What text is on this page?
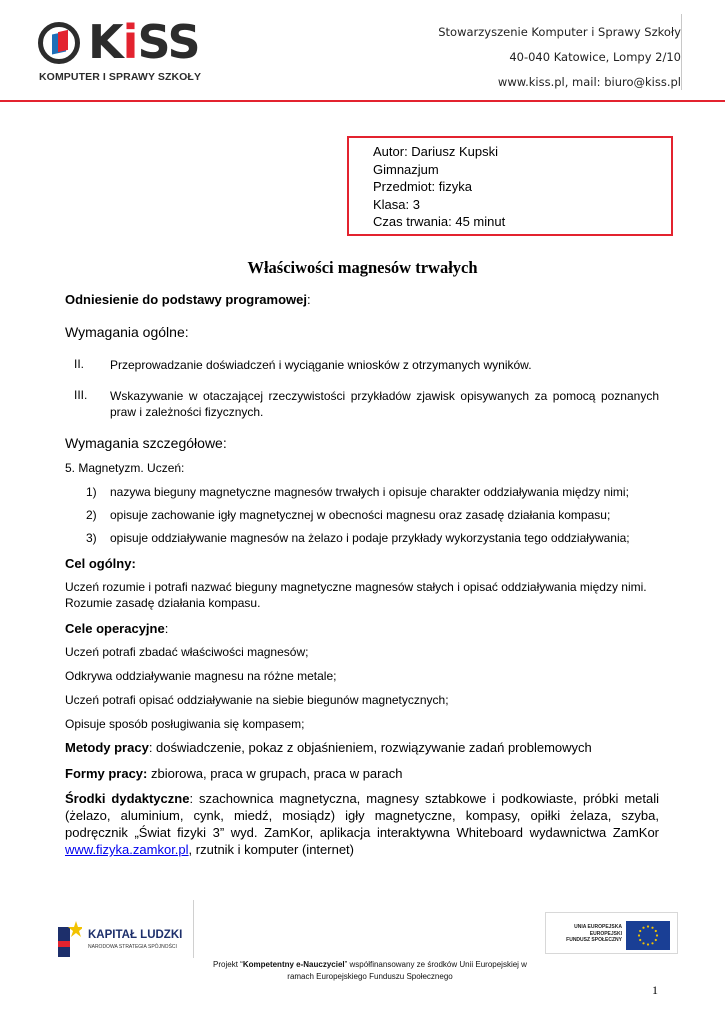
KiSS
KOMPUTER I SPRAWY SZKOŁY
Stowarzyszenie Komputer i Sprawy Szkoły
40-040 Katowice, Lompy 2/10
www.kiss.pl, mail: biuro@kiss.pl
Autor: Dariusz Kupski
Gimnazjum
Przedmiot: fizyka
Klasa: 3
Czas trwania: 45 minut
Właściwości magnesów trwałych
Odniesienie do podstawy programowej:
Wymagania ogólne:
II. Przeprowadzanie doświadczeń i wyciąganie wniosków z otrzymanych wyników.
III. Wskazywanie w otaczającej rzeczywistości przykładów zjawisk opisywanych za pomocą poznanych praw i zależności fizycznych.
Wymagania szczegółowe:
5. Magnetyzm. Uczeń:
1) nazywa bieguny magnetyczne magnesów trwałych i opisuje charakter oddziaływania między nimi;
2) opisuje zachowanie igły magnetycznej w obecności magnesu oraz zasadę działania kompasu;
3) opisuje oddziaływanie magnesów na żelazo i podaje przykłady wykorzystania tego oddziaływania;
Cel ogólny:
Uczeń rozumie i potrafi nazwać bieguny magnetyczne magnesów stałych i opisać oddziaływania między nimi. Rozumie zasadę działania kompasu.
Cele operacyjne:
Uczeń potrafi zbadać właściwości magnesów;
Odkrywa oddziaływanie magnesu na różne metale;
Uczeń potrafi opisać oddziaływanie na siebie biegunów magnetycznych;
Opisuje sposób posługiwania się kompasem;
Metody pracy: doświadczenie, pokaz z objaśnieniem, rozwiązywanie zadań problemowych
Formy pracy: zbiorowa, praca w grupach, praca w parach
Środki dydaktyczne: szachownica magnetyczna, magnesy sztabkowe i podkowiaste, próbki metali (żelazo, aluminium, cynk, miedź, mosiądz) igły magnetyczne, kompasy, opiłki żelaza, szyba, podręcznik „Świat fizyki 3” wyd. ZamKor, aplikacja interaktywna Whiteboard wydawnictwa ZamKor www.fizyka.zamkor.pl, rzutnik i komputer (internet)
KAPITAŁ LUDZKI
NARODOWA STRATEGIA SPÓJNOŚCI
UNIA EUROPEJSKA
EUROPEJSKI
FUNDUSZ SPOŁECZNY
Projekt “Kompetentny e-Nauczyciel” współfinansowany ze środków Unii Europejskiej w
ramach Europejskiego Funduszu Społecznego
1
